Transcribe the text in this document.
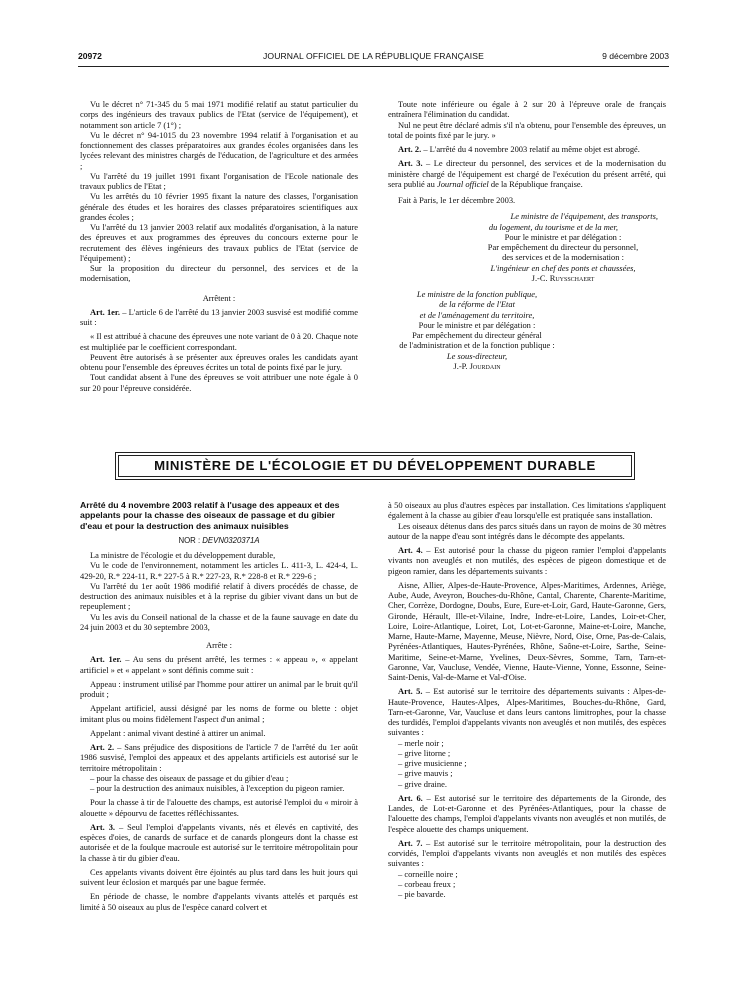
20972	JOURNAL OFFICIEL DE LA RÉPUBLIQUE FRANÇAISE	9 décembre 2003

Vu le décret n° 71-345 du 5 mai 1971 modifié relatif au statut particulier du corps des ingénieurs des travaux publics de l'Etat (service de l'équipement), et notamment son article 7 (1°) ;

Vu le décret n° 94-1015 du 23 novembre 1994 relatif à l'organisation et au fonctionnement des classes préparatoires aux grandes écoles organisées dans les lycées relevant des ministres chargés de l'éducation, de l'agriculture et des armées ;

Vu l'arrêté du 19 juillet 1991 fixant l'organisation de l'Ecole nationale des travaux publics de l'Etat ;

Vu les arrêtés du 10 février 1995 fixant la nature des classes, l'organisation générale des études et les horaires des classes préparatoires scientifiques aux grandes écoles ;

Vu l'arrêté du 13 janvier 2003 relatif aux modalités d'organisation, à la nature des épreuves et aux programmes des épreuves du concours externe pour le recrutement des élèves ingénieurs des travaux publics de l'Etat (service de l'équipement) ;

Sur la proposition du directeur du personnel, des services et de la modernisation,

Arrêtent :

Art. 1er. – L'article 6 de l'arrêté du 13 janvier 2003 susvisé est modifié comme suit :

« Il est attribué à chacune des épreuves une note variant de 0 à 20. Chaque note est multipliée par le coefficient correspondant.

Peuvent être autorisés à se présenter aux épreuves orales les candidats ayant obtenu pour l'ensemble des épreuves écrites un total de points fixé par le jury.

Tout candidat absent à l'une des épreuves se voit attribuer une note égale à 0 sur 20 pour l'épreuve considérée.

Toute note inférieure ou égale à 2 sur 20 à l'épreuve orale de français entraînera l'élimination du candidat.

Nul ne peut être déclaré admis s'il n'a obtenu, pour l'ensemble des épreuves, un total de points fixé par le jury. »

Art. 2. – L'arrêté du 4 novembre 2003 relatif au même objet est abrogé.

Art. 3. – Le directeur du personnel, des services et de la modernisation du ministère chargé de l'équipement est chargé de l'exécution du présent arrêté, qui sera publié au Journal officiel de la République française.

Fait à Paris, le 1er décembre 2003.

Le ministre de l'équipement, des transports,
du logement, du tourisme et de la mer,
Pour le ministre et par délégation :
Par empêchement du directeur du personnel,
des services et de la modernisation :
L'ingénieur en chef des ponts et chaussées,
J.-C. Ruysschaert
Le ministre de la fonction publique,
de la réforme de l'Etat
et de l'aménagement du territoire,
Pour le ministre et par délégation :
Par empêchement du directeur général
de l'administration et de la fonction publique :
Le sous-directeur,
J.-P. Jourdain
MINISTÈRE DE L'ÉCOLOGIE ET DU DÉVELOPPEMENT DURABLE

Arrêté du 4 novembre 2003 relatif à l'usage des appeaux et des appelants pour la chasse des oiseaux de passage et du gibier d'eau et pour la destruction des animaux nuisibles

NOR : DEVN0320371A

La ministre de l'écologie et du développement durable,

Vu le code de l'environnement, notamment les articles L. 411-3, L. 424-4, L. 429-20, R.* 224-11, R.* 227-5 à R.* 227-23, R.* 228-8 et R.* 229-6 ;

Vu l'arrêté du 1er août 1986 modifié relatif à divers procédés de chasse, de destruction des animaux nuisibles et à la reprise du gibier vivant dans un but de repeuplement ;

Vu les avis du Conseil national de la chasse et de la faune sauvage en date du 24 juin 2003 et du 30 septembre 2003,

Arrête :

Art. 1er. – Au sens du présent arrêté, les termes : « appeau », « appelant artificiel » et « appelant » sont définis comme suit :

Appeau : instrument utilisé par l'homme pour attirer un animal par le bruit qu'il produit ;

Appelant artificiel, aussi désigné par les noms de forme ou blette : objet imitant plus ou moins fidèlement l'aspect d'un animal ;

Appelant : animal vivant destiné à attirer un animal.

Art. 2. – Sans préjudice des dispositions de l'article 7 de l'arrêté du 1er août 1986 susvisé, l'emploi des appeaux et des appelants artificiels est autorisé sur le territoire métropolitain :

– pour la chasse des oiseaux de passage et du gibier d'eau ;

– pour la destruction des animaux nuisibles, à l'exception du pigeon ramier.

Pour la chasse à tir de l'alouette des champs, est autorisé l'emploi du « miroir à alouette » dépourvu de facettes réfléchissantes.

Art. 3. – Seul l'emploi d'appelants vivants, nés et élevés en captivité, des espèces d'oies, de canards de surface et de canards plongeurs dont la chasse est autorisée et de la foulque macroule est autorisé sur le territoire métropolitain pour la chasse à tir du gibier d'eau.

Ces appelants vivants doivent être éjointés au plus tard dans les huit jours qui suivent leur éclosion et marqués par une bague fermée.

En période de chasse, le nombre d'appelants vivants attelés et parqués est limité à 50 oiseaux au plus de l'espèce canard colvert et

à 50 oiseaux au plus d'autres espèces par installation. Ces limitations s'appliquent également à la chasse au gibier d'eau lorsqu'elle est pratiquée sans installation.

Les oiseaux détenus dans des parcs situés dans un rayon de moins de 30 mètres autour de la nappe d'eau sont intégrés dans le décompte des appelants.

Art. 4. – Est autorisé pour la chasse du pigeon ramier l'emploi d'appelants vivants non aveuglés et non mutilés, des espèces de pigeon domestique et de pigeon ramier, dans les départements suivants :

Aisne, Allier, Alpes-de-Haute-Provence, Alpes-Maritimes, Ardennes, Ariège, Aube, Aude, Aveyron, Bouches-du-Rhône, Cantal, Charente, Charente-Maritime, Cher, Corrèze, Dordogne, Doubs, Eure, Eure-et-Loir, Gard, Haute-Garonne, Gers, Gironde, Hérault, Ille-et-Vilaine, Indre, Indre-et-Loire, Landes, Loir-et-Cher, Loire, Loire-Atlantique, Loiret, Lot, Lot-et-Garonne, Maine-et-Loire, Manche, Marne, Haute-Marne, Mayenne, Meuse, Nièvre, Nord, Oise, Orne, Pas-de-Calais, Pyrénées-Atlantiques, Hautes-Pyrénées, Rhône, Saône-et-Loire, Sarthe, Seine-Maritime, Seine-et-Marne, Yvelines, Deux-Sèvres, Somme, Tarn, Tarn-et-Garonne, Var, Vaucluse, Vendée, Vienne, Haute-Vienne, Yonne, Essonne, Seine-Saint-Denis, Val-de-Marne et Val-d'Oise.

Art. 5. – Est autorisé sur le territoire des départements suivants : Alpes-de-Haute-Provence, Hautes-Alpes, Alpes-Maritimes, Bouches-du-Rhône, Gard, Tarn-et-Garonne, Var, Vaucluse et dans leurs cantons limitrophes, pour la chasse des turdidés, l'emploi d'appelants vivants non aveuglés et non mutilés, des espèces suivantes :

– merle noir ;

– grive litorne ;

– grive musicienne ;

– grive mauvis ;

– grive draine.

Art. 6. – Est autorisé sur le territoire des départements de la Gironde, des Landes, de Lot-et-Garonne et des Pyrénées-Atlantiques, pour la chasse de l'alouette des champs, l'emploi d'appelants vivants non aveuglés et non mutilés, de l'espèce alouette des champs uniquement.

Art. 7. – Est autorisé sur le territoire métropolitain, pour la destruction des corvidés, l'emploi d'appelants vivants non aveuglés et non mutilés des espèces suivantes :

– corneille noire ;

– corbeau freux ;

– pie bavarde.
